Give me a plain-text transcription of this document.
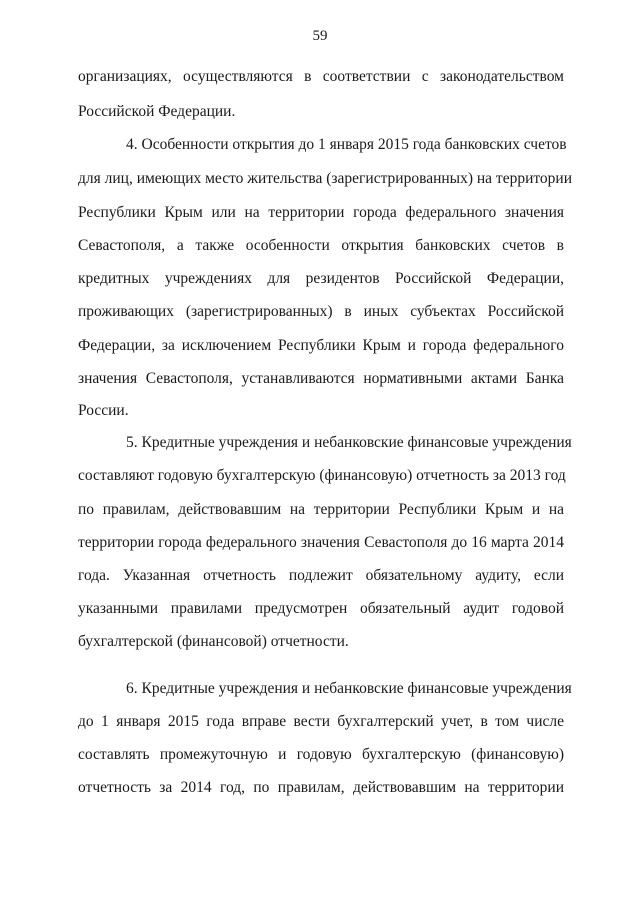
59
организациях, осуществляются в соответствии с законодательством
Российской Федерации.
4. Особенности открытия до 1 января 2015 года банковских счетов
для лиц, имеющих место жительства (зарегистрированных) на территории
Республики Крым или на территории города федерального значения
Севастополя, а также особенности открытия банковских счетов в
кредитных учреждениях для резидентов Российской Федерации,
проживающих (зарегистрированных) в иных субъектах Российской
Федерации, за исключением Республики Крым и города федерального
значения Севастополя, устанавливаются нормативными актами Банка
России.
5. Кредитные учреждения и небанковские финансовые учреждения
составляют годовую бухгалтерскую (финансовую) отчетность за 2013 год
по правилам, действовавшим на территории Республики Крым и на
территории города федерального значения Севастополя до 16 марта 2014
года. Указанная отчетность подлежит обязательному аудиту, если
указанными правилами предусмотрен обязательный аудит годовой
бухгалтерской (финансовой) отчетности.
6. Кредитные учреждения и небанковские финансовые учреждения
до 1 января 2015 года вправе вести бухгалтерский учет, в том числе
составлять промежуточную и годовую бухгалтерскую (финансовую)
отчетность за 2014 год, по правилам, действовавшим на территории
